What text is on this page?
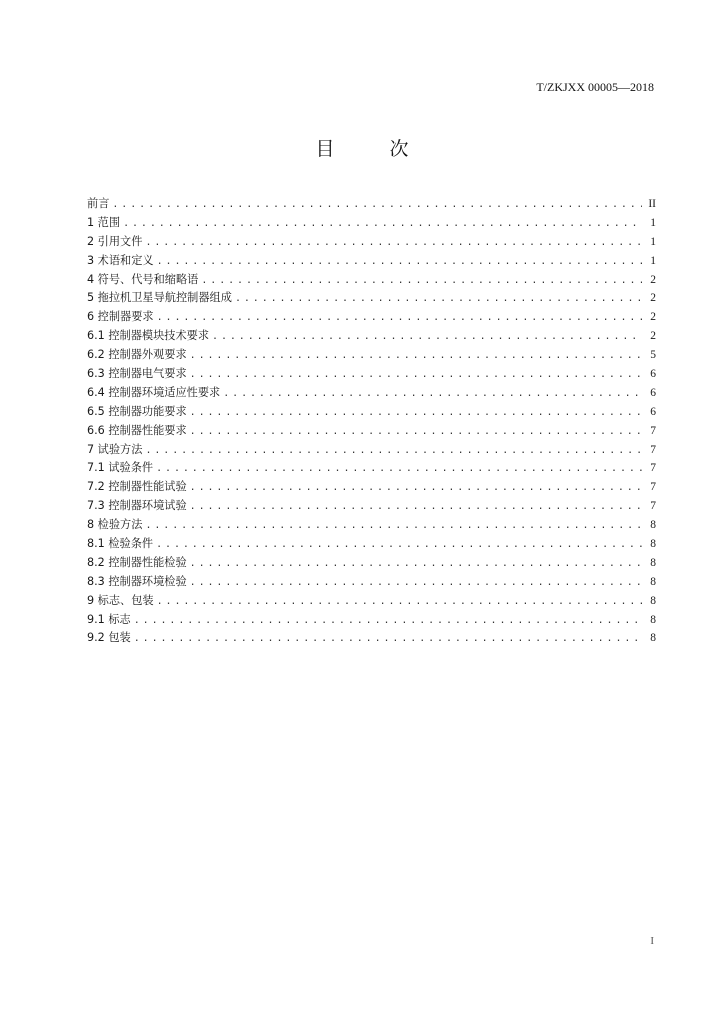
T/ZKJXX 00005—2018
目　次
前言 .....	II
1 范围 .....	1
2 引用文件 .....	1
3 术语和定义 .....	1
4 符号、代号和缩略语 .....	2
5 拖拉机卫星导航控制器组成 .....	2
6 控制器要求 .....	2
6.1 控制器模块技术要求 .....	2
6.2 控制器外观要求 .....	5
6.3 控制器电气要求 .....	6
6.4 控制器环境适应性要求 .....	6
6.5 控制器功能要求 .....	6
6.6 控制器性能要求 .....	7
7 试验方法 .....	7
7.1 试验条件 .....	7
7.2 控制器性能试验 .....	7
7.3 控制器环境试验 .....	7
8 检验方法 .....	8
8.1 检验条件 .....	8
8.2 控制器性能检验 .....	8
8.3 控制器环境检验 .....	8
9 标志、包装 .....	8
9.1 标志 .....	8
9.2 包装 .....	8
I
